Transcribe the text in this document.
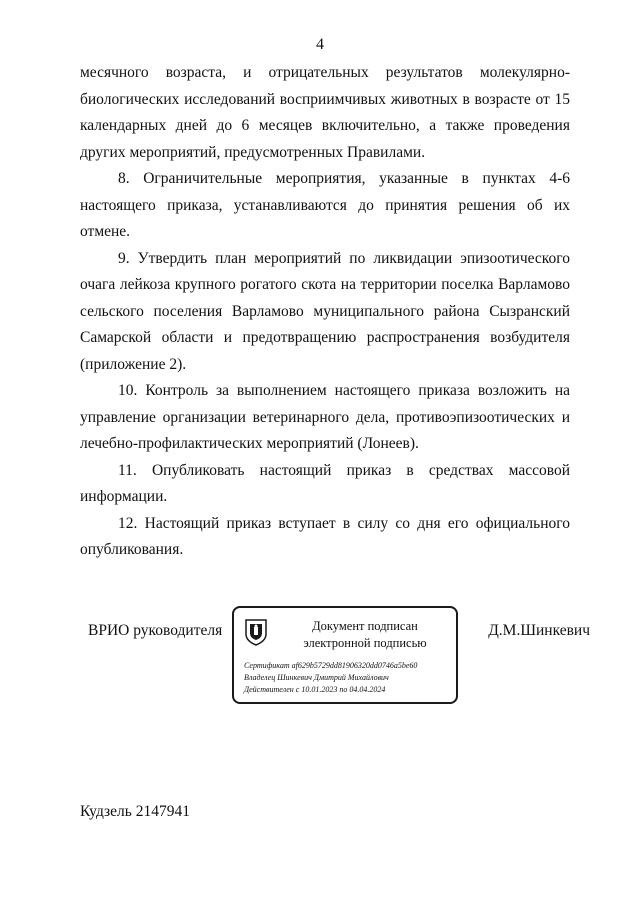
4

месячного возраста, и отрицательных результатов молекулярно-биологических исследований восприимчивых животных в возрасте от 15 календарных дней до 6 месяцев включительно, а также проведения других мероприятий, предусмотренных Правилами.

8. Ограничительные мероприятия, указанные в пунктах 4-6 настоящего приказа, устанавливаются до принятия решения об их отмене.

9. Утвердить план мероприятий по ликвидации эпизоотического очага лейкоза крупного рогатого скота на территории поселка Варламово сельского поселения Варламово муниципального района Сызранский Самарской области и предотвращению распространения возбудителя (приложение 2).

10. Контроль за выполнением настоящего приказа возложить на управление организации ветеринарного дела, противоэпизоотических и лечебно-профилактических мероприятий (Лонеев).

11. Опубликовать настоящий приказ в средствах массовой информации.

12. Настоящий приказ вступает в силу со дня его официального опубликования.

ВРИО руководителя	Документ подписан
электронной подписью
Сертификат af629b5729dd81906320dd0746a5be60
Владелец Шинкевич Дмитрий Михайлович
Действителен с 10.01.2023 по 04.04.2024
Д.М.Шинкевич
Кудзель 2147941
